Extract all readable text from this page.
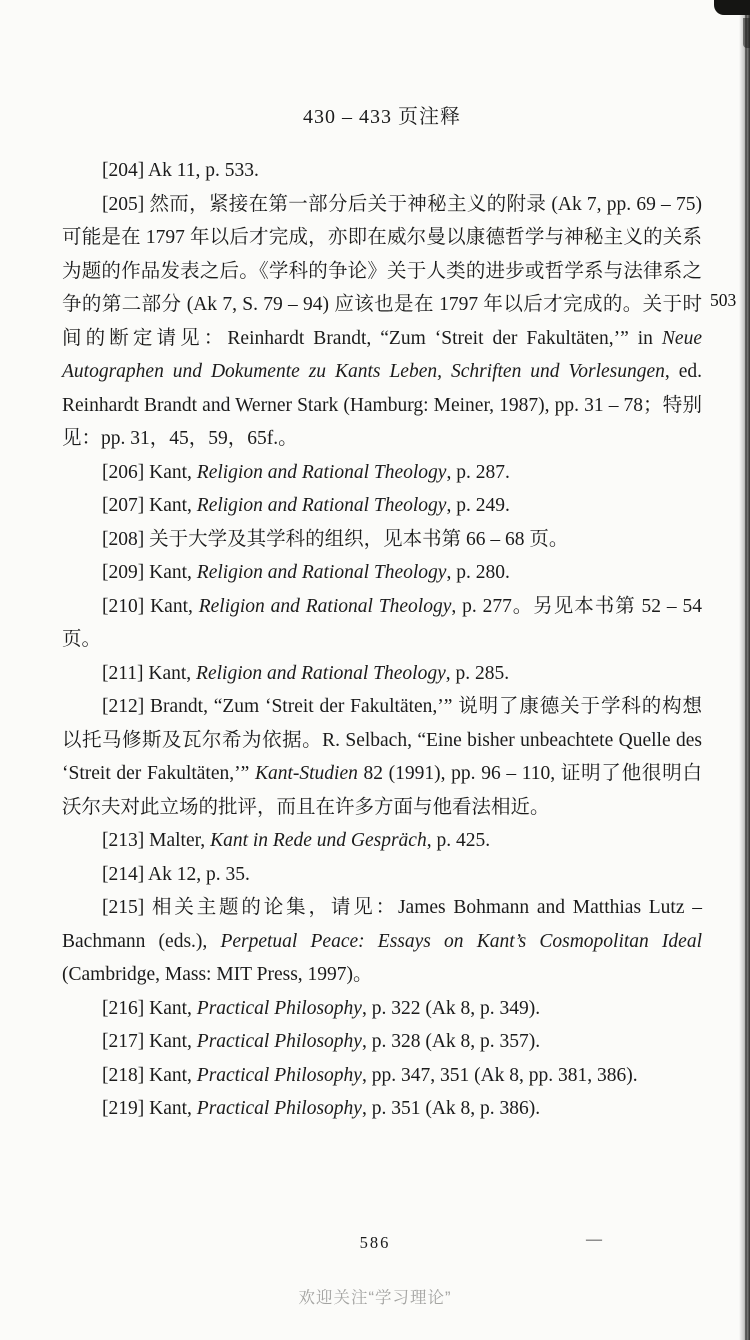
430 – 433 页注释

[204] Ak 11, p. 533.

[205] 然而，紧接在第一部分后关于神秘主义的附录 (Ak 7, pp. 69 – 75) 可能是在 1797 年以后才完成，亦即在威尔曼以康德哲学与神秘主义的关系为题的作品发表之后。《学科的争论》关于人类的进步或哲学系与法律系之争的第二部分 (Ak 7, S. 79 – 94) 应该也是在 1797 年以后才完成的。关于时间的断定请见：Reinhardt Brandt, “Zum ‘Streit der Fakultäten,’” in Neue Autographen und Dokumente zu Kants Leben, Schriften und Vorlesungen, ed. Reinhardt Brandt and Werner Stark (Hamburg: Meiner, 1987), pp. 31 – 78；特别见：pp. 31，45，59，65f.。

[206] Kant, Religion and Rational Theology, p. 287.

[207] Kant, Religion and Rational Theology, p. 249.

[208] 关于大学及其学科的组织，见本书第 66 – 68 页。

[209] Kant, Religion and Rational Theology, p. 280.

[210] Kant, Religion and Rational Theology, p. 277。另见本书第 52 – 54 页。

[211] Kant, Religion and Rational Theology, p. 285.

[212] Brandt, “Zum ‘Streit der Fakultäten,’” 说明了康德关于学科的构想以托马修斯及瓦尔希为依据。R. Selbach, “Eine bisher unbeachtete Quelle des ‘Streit der Fakultäten,’” Kant-Studien 82 (1991), pp. 96 – 110, 证明了他很明白沃尔夫对此立场的批评，而且在许多方面与他看法相近。

[213] Malter, Kant in Rede und Gespräch, p. 425.

[214] Ak 12, p. 35.

[215] 相关主题的论集，请见：James Bohmann and Matthias Lutz – Bachmann (eds.), Perpetual Peace: Essays on Kant’s Cosmopolitan Ideal (Cambridge, Mass: MIT Press, 1997)。

[216] Kant, Practical Philosophy, p. 322 (Ak 8, p. 349).

[217] Kant, Practical Philosophy, p. 328 (Ak 8, p. 357).

[218] Kant, Practical Philosophy, pp. 347, 351 (Ak 8, pp. 381, 386).

[219] Kant, Practical Philosophy, p. 351 (Ak 8, p. 386).

503
586	—
欢迎关注“学习理论”
